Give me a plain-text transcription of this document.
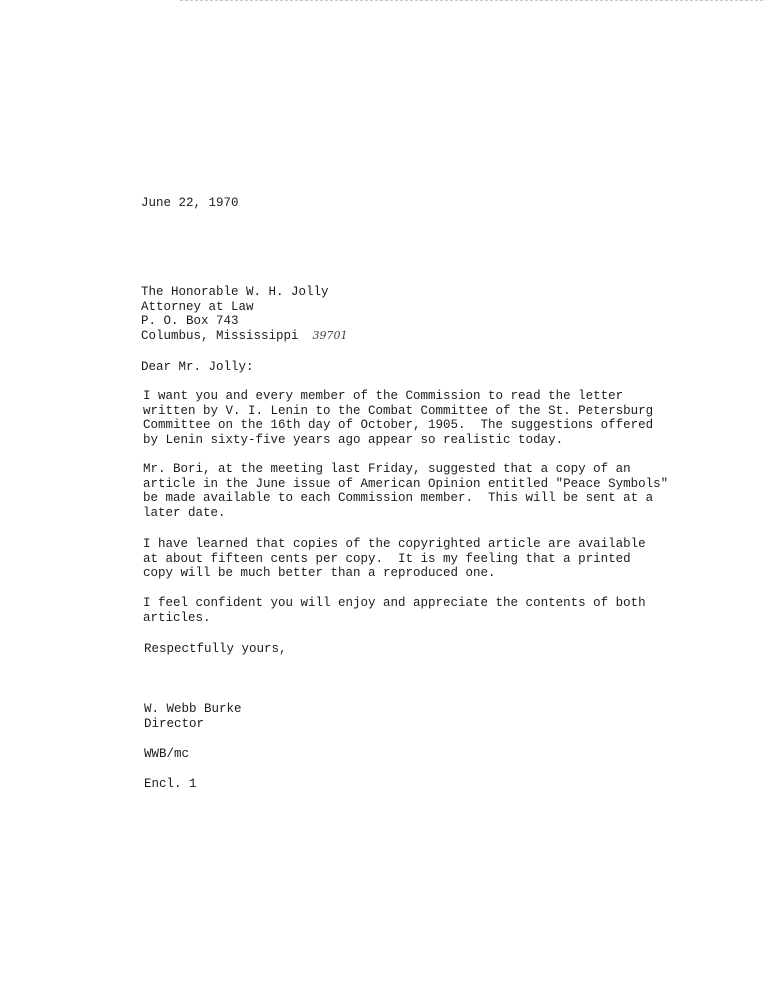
June 22, 1970
The Honorable W. H. Jolly
Attorney at Law
P. O. Box 743
Columbus, Mississippi 39701
Dear Mr. Jolly:
I want you and every member of the Commission to read the letter
written by V. I. Lenin to the Combat Committee of the St. Petersburg
Committee on the 16th day of October, 1905.  The suggestions offered
by Lenin sixty-five years ago appear so realistic today.
Mr. Bori, at the meeting last Friday, suggested that a copy of an
article in the June issue of American Opinion entitled "Peace Symbols"
be made available to each Commission member.  This will be sent at a
later date.
I have learned that copies of the copyrighted article are available
at about fifteen cents per copy.  It is my feeling that a printed
copy will be much better than a reproduced one.
I feel confident you will enjoy and appreciate the contents of both
articles.
Respectfully yours,
W. Webb Burke
Director
WWB/mc
Encl. 1
